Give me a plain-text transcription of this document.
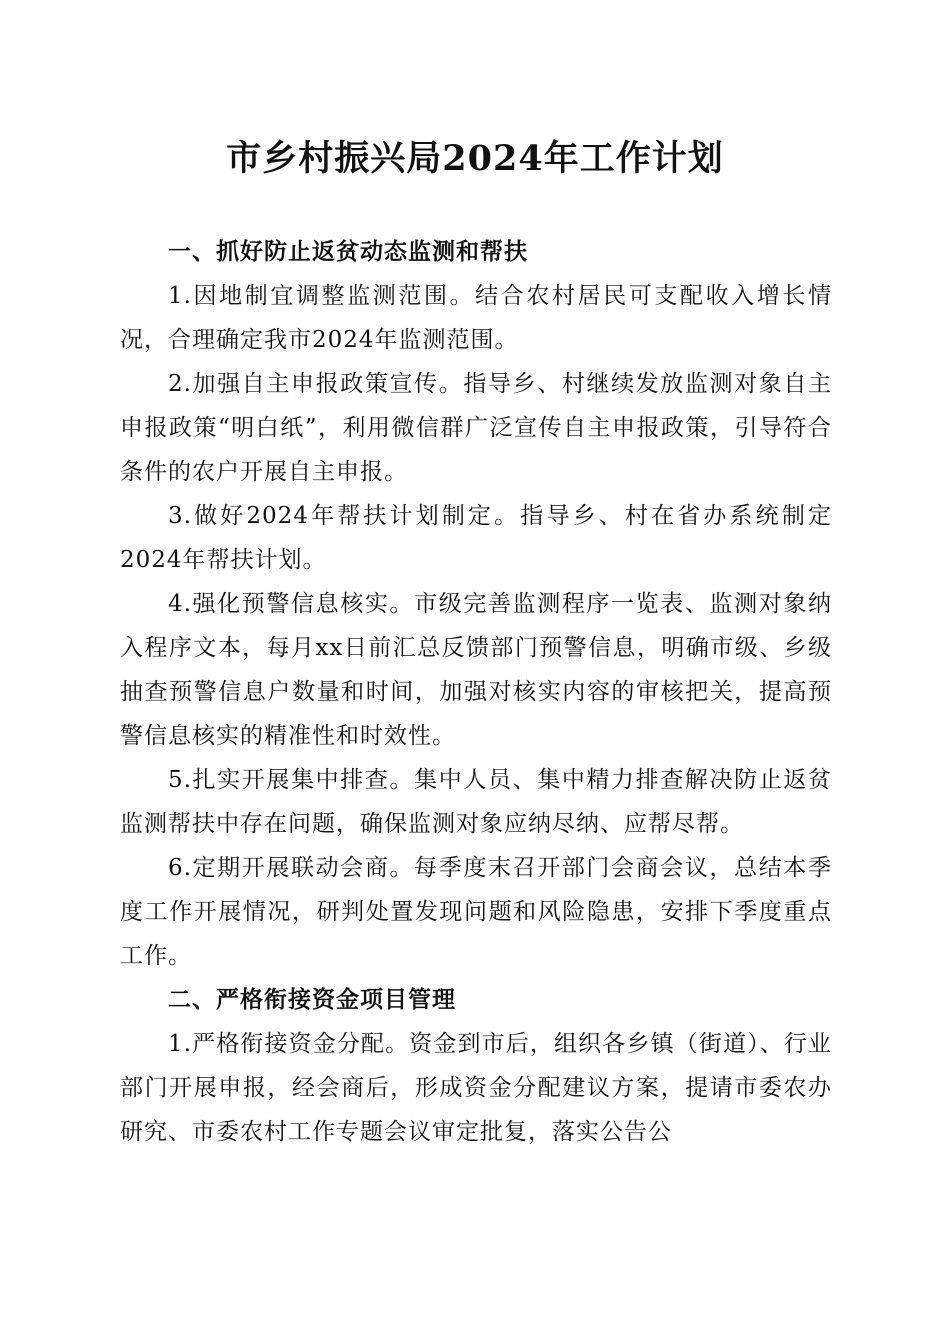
市乡村振兴局2024年工作计划
一、抓好防止返贫动态监测和帮扶

1.因地制宜调整监测范围。结合农村居民可支配收入增长情况，合理确定我市2024年监测范围。

2.加强自主申报政策宣传。指导乡、村继续发放监测对象自主申报政策“明白纸”，利用微信群广泛宣传自主申报政策，引导符合条件的农户开展自主申报。

3.做好2024年帮扶计划制定。指导乡、村在省办系统制定2024年帮扶计划。

4.强化预警信息核实。市级完善监测程序一览表、监测对象纳入程序文本，每月xx日前汇总反馈部门预警信息，明确市级、乡级抽查预警信息户数量和时间，加强对核实内容的审核把关，提高预警信息核实的精准性和时效性。

5.扎实开展集中排查。集中人员、集中精力排查解决防止返贫监测帮扶中存在问题，确保监测对象应纳尽纳、应帮尽帮。

6.定期开展联动会商。每季度末召开部门会商会议，总结本季度工作开展情况，研判处置发现问题和风险隐患，安排下季度重点工作。

二、严格衔接资金项目管理

1.严格衔接资金分配。资金到市后，组织各乡镇（街道）、行业部门开展申报，经会商后，形成资金分配建议方案，提请市委农办研究、市委农村工作专题会议审定批复，落实公告公
